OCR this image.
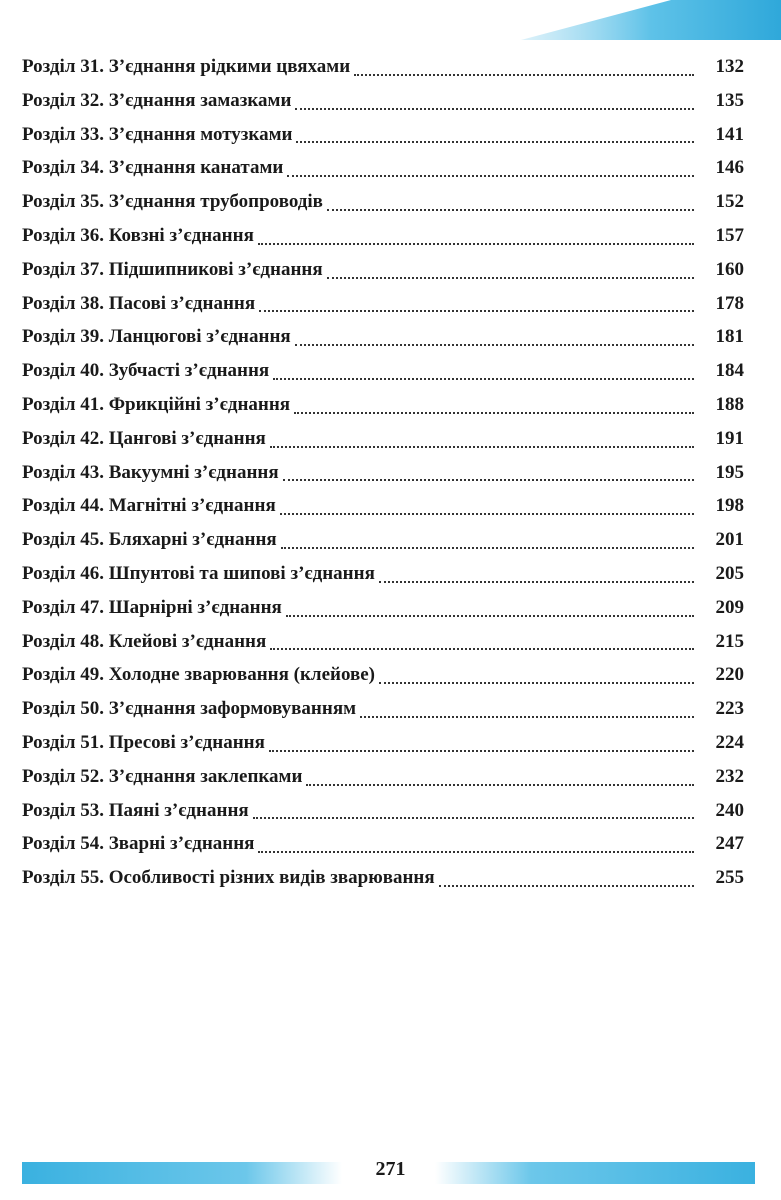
Розділ 31. З’єднання рідкими цвяхами	132
Розділ 32. З’єднання замазками	135
Розділ 33. З’єднання мотузками	141
Розділ 34. З’єднання канатами	146
Розділ 35. З’єднання трубопроводів	152
Розділ 36. Ковзні з’єднання	157
Розділ 37. Підшипникові з’єднання	160
Розділ 38. Пасові з’єднання	178
Розділ 39. Ланцюгові з’єднання	181
Розділ 40. Зубчасті з’єднання	184
Розділ 41. Фрикційні з’єднання	188
Розділ 42. Цангові з’єднання	191
Розділ 43. Вакуумні з’єднання	195
Розділ 44. Магнітні з’єднання	198
Розділ 45. Бляхарні з’єднання	201
Розділ 46. Шпунтові та шипові з’єднання	205
Розділ 47. Шарнірні з’єднання	209
Розділ 48. Клейові з’єднання	215
Розділ 49. Холодне зварювання (клейове)	220
Розділ 50. З’єднання заформовуванням	223
Розділ 51. Пресові з’єднання	224
Розділ 52. З’єднання заклепками	232
Розділ 53. Паяні з’єднання	240
Розділ 54. Зварні з’єднання	247
Розділ 55. Особливості різних видів зварювання	255
271
